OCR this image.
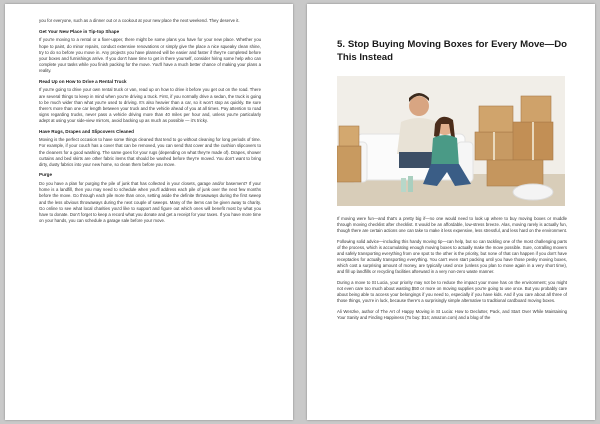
you for everyone, such as a dinner out or a cookout at your new place the next weekend. They deserve it.

Get Your New Place in Tip-top Shape

If you're moving to a rental or a fixer-upper, there might be some plans you have for your new place. Whether you hope to paint, do minor repairs, conduct extensive renovations or simply give the place a nice squeaky clean shine, try to do so before you move in. Any projects you have planned will be easier and faster if they're completed before your boxes and furnishings arrive. If you don't have time to get in there yourself, consider hiring some help who can complete your tasks while you finish packing for the move. You'll have a much better chance of making your plans a reality.

Read Up on How to Drive a Rental Truck

If you're going to drive your own rental truck or van, read up on how to drive it before you get out on the road. There are several things to keep in mind when you're driving a truck. First, if you normally drive a sedan, the truck is going to be much wider than what you're used to driving. It's also heavier than a car, so it won't stop as quickly. Be sure there's more than one car length between your truck and the vehicle ahead of you at all times. Pay attention to road signs regarding trucks, never pass a vehicle driving more than 40 miles per hour and, unless you're particularly adept at using your side-view mirrors, avoid backing up as much as possible — it's tricky.

Have Rugs, Drapes and Slipcovers Cleaned

Moving is the perfect occasion to have some things cleaned that tend to go without cleaning for long periods of time. For example, if your couch has a cover that can be removed, you can send that cover and the cushion slipcovers to the cleaners for a good washing. The same goes for your rugs (depending on what they're made of). Drapes, shower curtains and bed skirts are other fabric items that should be washed before they're moved. You don't want to bring dirty, dusty fabrics into your new home, so clean them before you move.

Purge

Do you have a plan for purging the pile of junk that has collected in your closets, garage and/or basement? If your home is a landfill, then you may need to schedule when you'll address each pile of junk over the next few months before the move. Go through each pile more than once, setting aside the definite throwaways during the first sweep and the less obvious throwaways during the next couple of sweeps. Many of the items can be given away to charity. Go online to see what local charities you'd like to support and figure out which ones will benefit most by what you have to donate. Don't forget to keep a record what you donate and get a receipt for your taxes. If you have more time on your hands, you can schedule a garage sale before your move.

5. Stop Buying Moving Boxes for Every Move—Do This Instead

If moving were fun—and that's a pretty big if—no one would need to look up where to buy moving boxes or muddle through moving checklist after checklist. It would be an affordable, low-stress breeze. Alas, moving rarely is actually fun, though there are certain actions one can take to make it less expensive, less stressful, and less hard on the environment.

Following solid advice—including this handy moving tip—can help, but so can tackling one of the most challenging parts of the process, which is accumulating enough moving boxes to actually make the move possible. Sure, corralling movers and safely transporting everything from one spot to the other is the priority, but none of that can happen if you don't have receptacles for actually transporting everything. You can't even start packing until you have those pesky moving boxes, which cost a surprising amount of money, are typically used once (unless you plan to move again in a very short time), and fill up landfills or recycling facilities afterward in a very non-zero waste manner.

During a move to St Lucia, your priority may not be to reduce the impact your move has on the environment; you might not even care too much about wasting $50 or more on moving supplies you're going to use once. But you probably care about being able to access your belongings if you need to, especially if you have kids. And if you care about all three of those things, you're in luck, because there's a surprisingly simple alternative to traditional cardboard moving boxes.

Ali Wenzke, author of The Art of Happy Moving in St Lucia: How to Declutter, Pack, and Start Over While Maintaining Your Sanity and Finding Happiness (To buy: $14; amazon.com) and a blog of the
